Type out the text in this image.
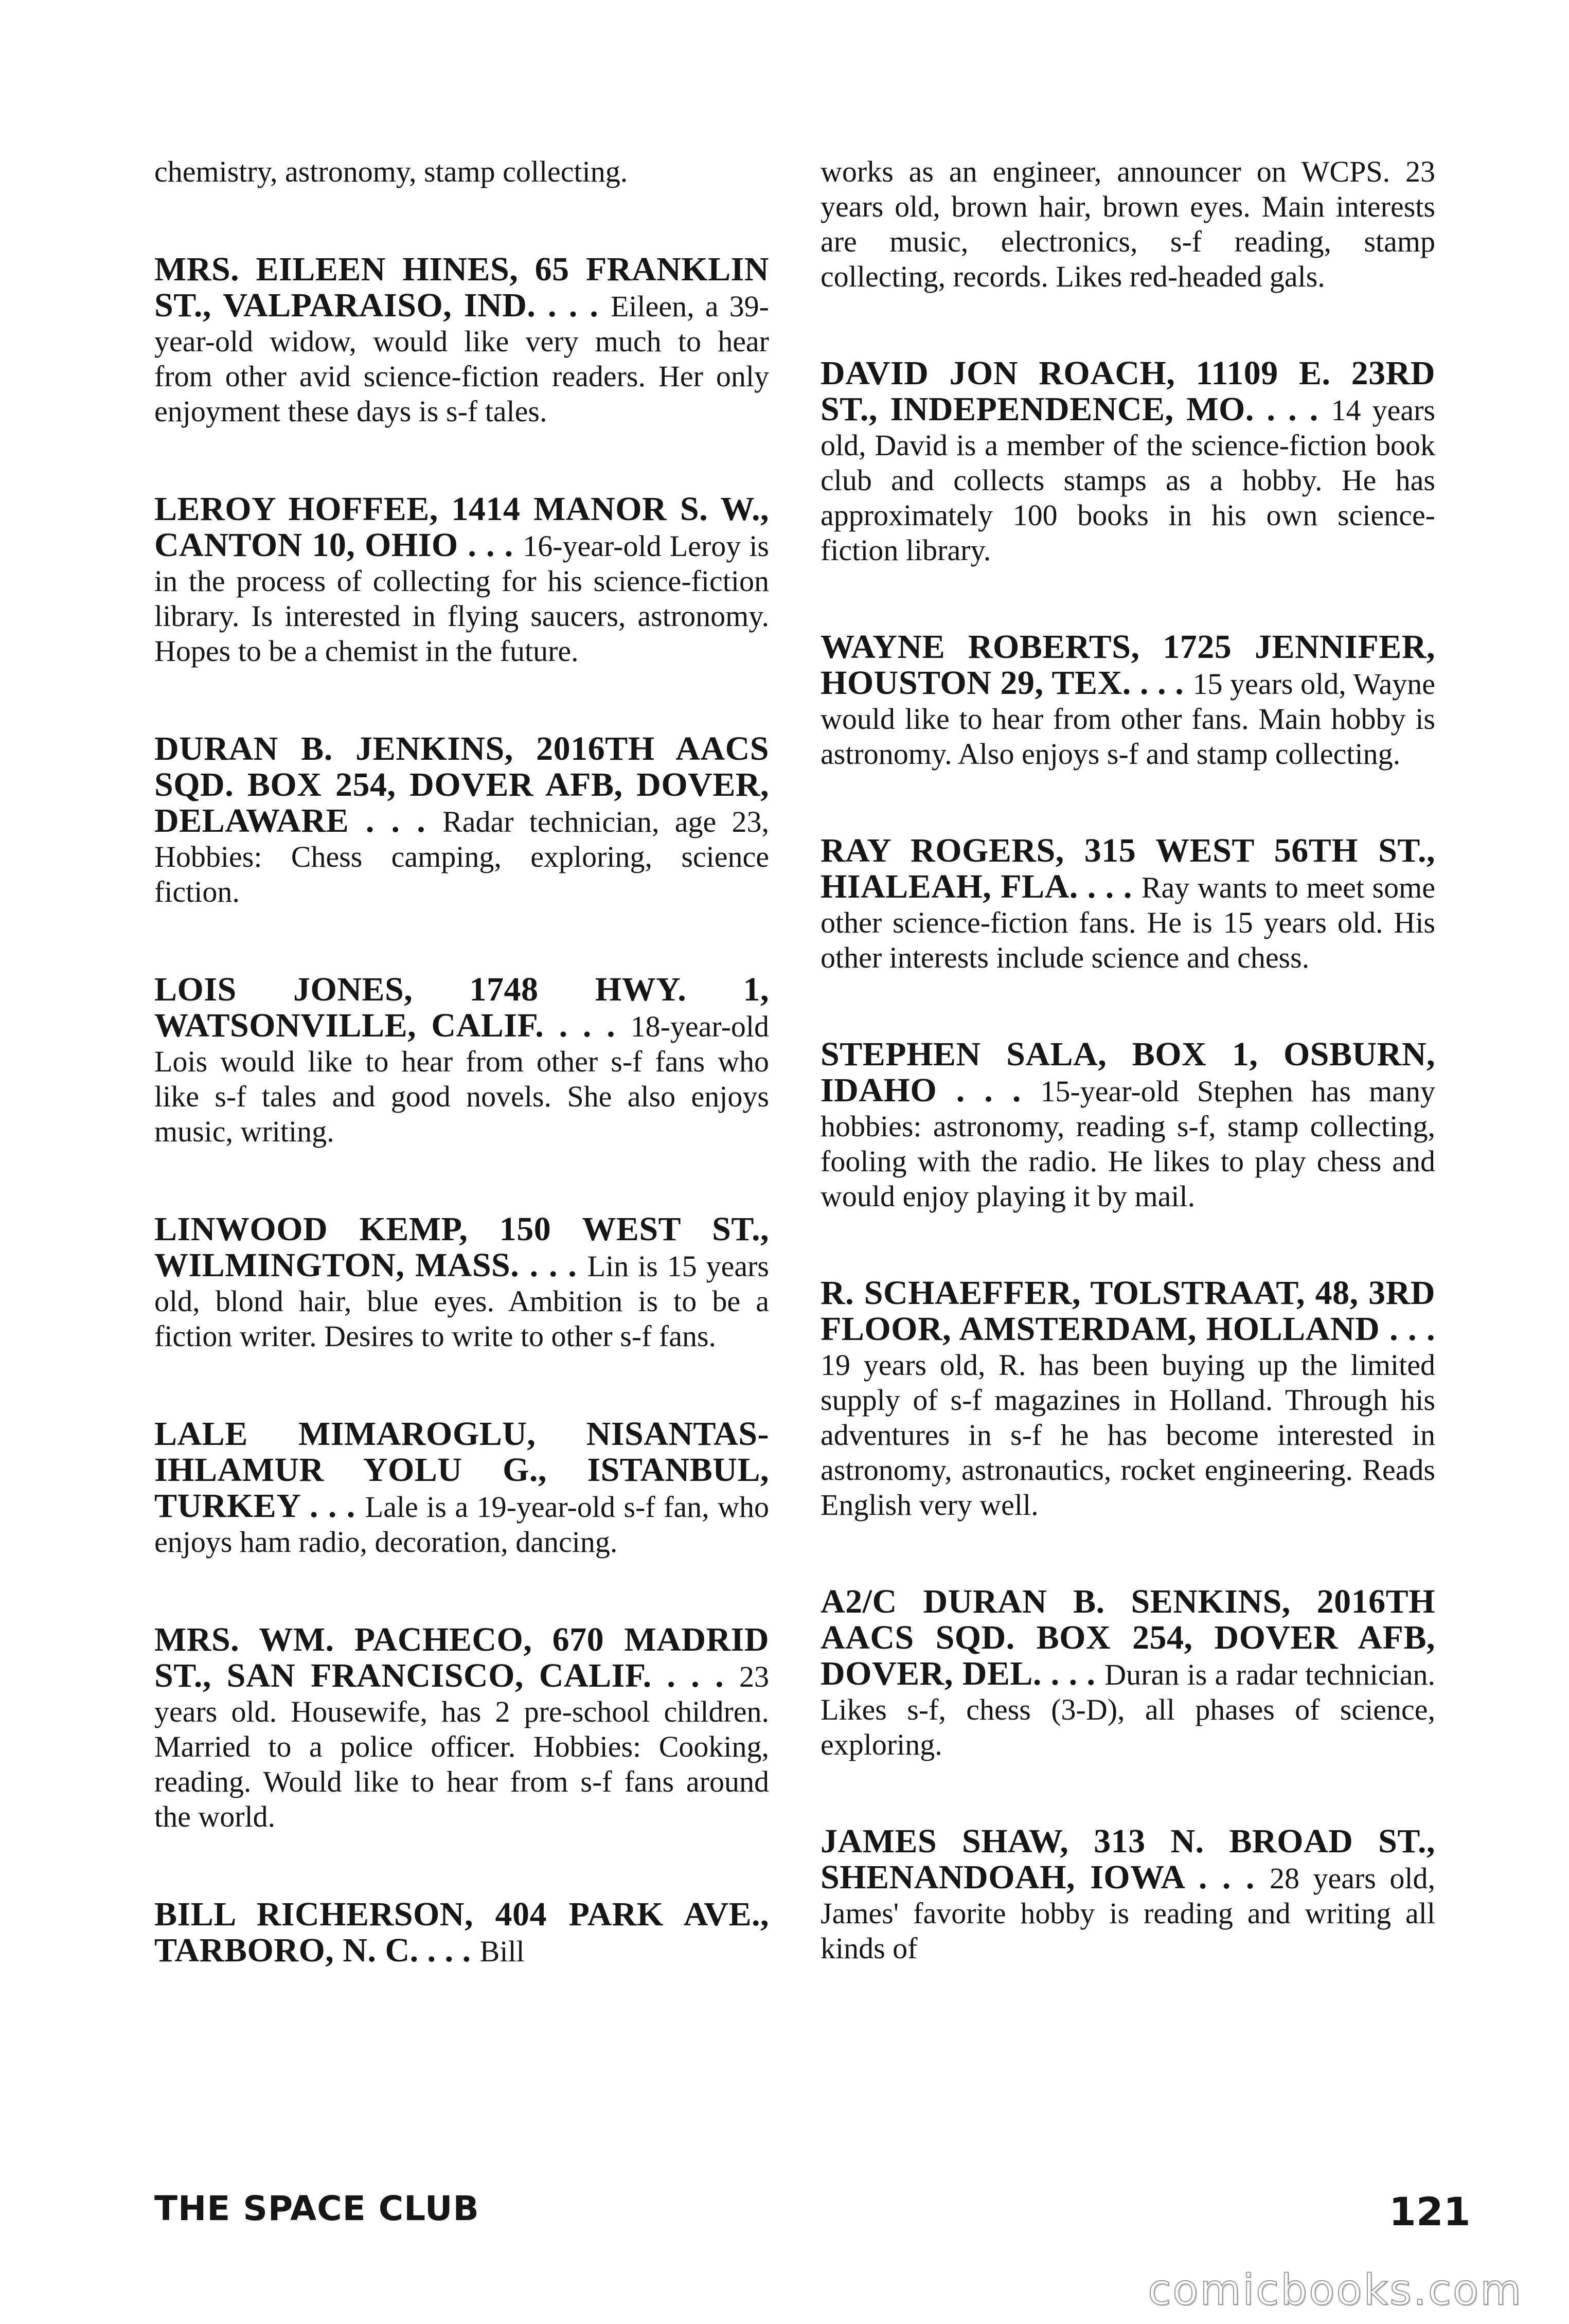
chemistry, astronomy, stamp collecting.

MRS. EILEEN HINES, 65 FRANKLIN ST., VALPARAISO, IND. . . . Eileen, a 39-year-old widow, would like very much to hear from other avid science-fiction readers. Her only enjoyment these days is s-f tales.

LEROY HOFFEE, 1414 MANOR S. W., CANTON 10, OHIO . . . 16-year-old Leroy is in the process of collecting for his science-fiction library. Is interested in flying saucers, astronomy. Hopes to be a chemist in the future.

DURAN B. JENKINS, 2016TH AACS SQD. BOX 254, DOVER AFB, DOVER, DELAWARE . . . Radar technician, age 23, Hobbies: Chess camping, exploring, science fiction.

LOIS JONES, 1748 HWY. 1, WATSONVILLE, CALIF. . . . 18-year-old Lois would like to hear from other s-f fans who like s-f tales and good novels. She also enjoys music, writing.

LINWOOD KEMP, 150 WEST ST., WILMINGTON, MASS. . . . Lin is 15 years old, blond hair, blue eyes. Ambition is to be a fiction writer. Desires to write to other s-f fans.

LALE MIMAROGLU, NISANTAS-IHLAMUR YOLU G., ISTANBUL, TURKEY . . . Lale is a 19-year-old s-f fan, who enjoys ham radio, decoration, dancing.

MRS. WM. PACHECO, 670 MADRID ST., SAN FRANCISCO, CALIF. . . . 23 years old. Housewife, has 2 pre-school children. Married to a police officer. Hobbies: Cooking, reading. Would like to hear from s-f fans around the world.

BILL RICHERSON, 404 PARK AVE., TARBORO, N. C. . . . Bill

works as an engineer, announcer on WCPS. 23 years old, brown hair, brown eyes. Main interests are music, electronics, s-f reading, stamp collecting, records. Likes red-headed gals.

DAVID JON ROACH, 11109 E. 23RD ST., INDEPENDENCE, MO. . . . 14 years old, David is a member of the science-fiction book club and collects stamps as a hobby. He has approximately 100 books in his own science-fiction library.

WAYNE ROBERTS, 1725 JENNIFER, HOUSTON 29, TEX. . . . 15 years old, Wayne would like to hear from other fans. Main hobby is astronomy. Also enjoys s-f and stamp collecting.

RAY ROGERS, 315 WEST 56TH ST., HIALEAH, FLA. . . . Ray wants to meet some other science-fiction fans. He is 15 years old. His other interests include science and chess.

STEPHEN SALA, BOX 1, OSBURN, IDAHO . . . 15-year-old Stephen has many hobbies: astronomy, reading s-f, stamp collecting, fooling with the radio. He likes to play chess and would enjoy playing it by mail.

R. SCHAEFFER, TOLSTRAAT, 48, 3RD FLOOR, AMSTERDAM, HOLLAND . . . 19 years old, R. has been buying up the limited supply of s-f magazines in Holland. Through his adventures in s-f he has become interested in astronomy, astronautics, rocket engineering. Reads English very well.

A2/C DURAN B. SENKINS, 2016TH AACS SQD. BOX 254, DOVER AFB, DOVER, DEL. . . . Duran is a radar technician. Likes s-f, chess (3-D), all phases of science, exploring.

JAMES SHAW, 313 N. BROAD ST., SHENANDOAH, IOWA . . . 28 years old, James' favorite hobby is reading and writing all kinds of

THE SPACE CLUB	121
comicbooks.com
